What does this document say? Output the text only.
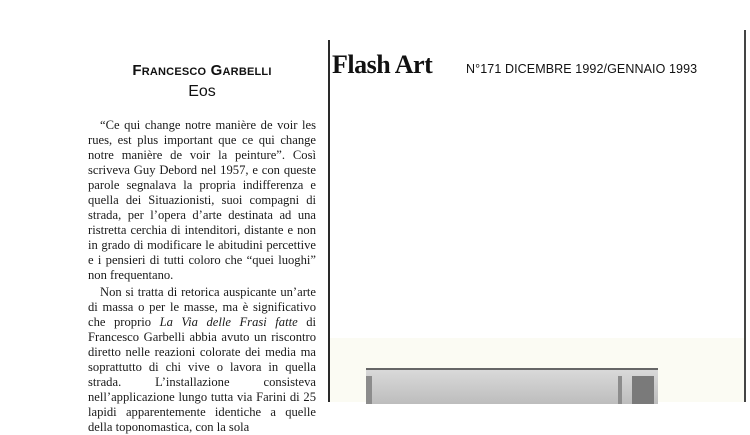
Francesco Garbelli
Eos

“Ce qui change notre manière de voir les rues, est plus important que ce qui change notre manière de voir la peinture”. Così scriveva Guy Debord nel 1957, e con queste parole segnalava la propria indifferenza e quella dei Situazionisti, suoi compagni di strada, per l’opera d’arte destinata ad una ristretta cerchia di intenditori, distante e non in grado di modificare le abitudini percettive e i pensieri di tutti coloro che “quei luoghi” non frequentano.

Non si tratta di retorica auspicante un’arte di massa o per le masse, ma è significativo che proprio La Via delle Frasi fatte di Francesco Garbelli abbia avuto un riscontro diretto nelle reazioni colorate dei media ma soprattutto di chi vive o lavora in quella strada. L’installazione consisteva nell’applicazione lungo tutta via Farini di 25 lapidi apparentemente identiche a quelle della toponomastica, con la sola

Flash Art	N°171 DICEMBRE 1992/GENNAIO 1993
